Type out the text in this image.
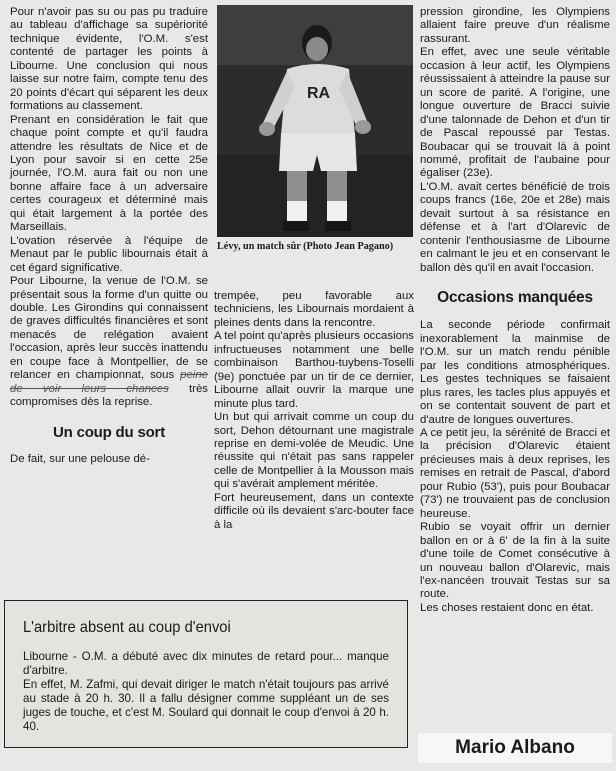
Pour n'avoir pas su ou pas pu traduire au tableau d'affichage sa supériorité technique évidente, l'O.M. s'est contenté de partager les points à Libourne. Une conclusion qui nous laisse sur notre faim, compte tenu des 20 points d'écart qui séparent les deux formations au classement.

Prenant en considération le fait que chaque point compte et qu'il faudra attendre les résultats de Nice et de Lyon pour savoir si en cette 25e journée, l'O.M. aura fait ou non une bonne affaire face à un adversaire certes courageux et déterminé mais qui était largement à la portée des Marseillais.

L'ovation réservée à l'équipe de Menaut par le public libournais était à cet égard significative.

Pour Libourne, la venue de l'O.M. se présentait sous la forme d'un quitte ou double. Les Girondins qui connaissent de graves difficultés financières et sont menacés de relégation avaient l'occasion, après leur succès inattendu en coupe face à Montpellier, de se relancer en championnat, sous peine de voir leurs chances très compromises dès la reprise.

Un coup du sort

De fait, sur une pelouse dé-

RA
Lévy, un match sûr (Photo Jean Pagano)

trempée, peu favorable aux techniciens, les Libournais mordaient à pleines dents dans la rencontre.

A tel point qu'après plusieurs occasions infructueuses notamment une belle combinaison Barthou-tuybens-Toselli (9e) ponctuée par un tir de ce dernier, Libourne allait ouvrir la marque une minute plus tard.

Un but qui arrivait comme un coup du sort, Dehon détournant une magistrale reprise en demi-volée de Meudic. Une réussite qui n'était pas sans rappeler celle de Montpellier à la Mousson mais qui s'avérait amplement méritée.

Fort heureusement, dans un contexte difficile où ils devaient s'arc-bouter face à la

pression girondine, les Olympiens allaient faire preuve d'un réalisme rassurant.

En effet, avec une seule véritable occasion à leur actif, les Olympiens réussissaient à atteindre la pause sur un score de parité. A l'origine, une longue ouverture de Bracci suivie d'une talonnade de Dehon et d'un tir de Pascal repoussé par Testas. Boubacar qui se trouvait là à point nommé, profitait de l'aubaine pour égaliser (23e).

L'O.M. avait certes bénéficié de trois coups francs (16e, 20e et 28e) mais devait surtout à sa résistance en défense et à l'art d'Olarevic de contenir l'enthousiasme de Libourne en calmant le jeu et en conservant le ballon dès qu'il en avait l'occasion.

Occasions manquées

La seconde période confirmait inexorablement la mainmise de l'O.M. sur un match rendu pénible par les conditions atmosphériques. Les gestes techniques se faisaient plus rares, les tacles plus appuyés et on se contentait souvent de part et d'autre de longues ouvertures.

A ce petit jeu, la sérénité de Bracci et la précision d'Olarevic étaient précieuses mais à deux reprises, les remises en retrait de Pascal, d'abord pour Rubio (53'), puis pour Boubacar (73') ne trouvaient pas de conclusion heureuse.

Rubio se voyait offrir un dernier ballon en or à 6' de la fin à la suite d'une toile de Comet consécutive à un nouveau ballon d'Olarevic, mais l'ex-nancéen trouvait Testas sur sa route.

Les choses restaient donc en état.

L'arbitre absent au coup d'envoi

Libourne - O.M. a débuté avec dix minutes de retard pour... manque d'arbitre.

En effet, M. Zafmi, qui devait diriger le match n'était toujours pas arrivé au stade à 20 h. 30. Il a fallu désigner comme suppléant un de ses juges de touche, et c'est M. Soulard qui donnait le coup d'envoi à 20 h. 40.

Mario Albano
